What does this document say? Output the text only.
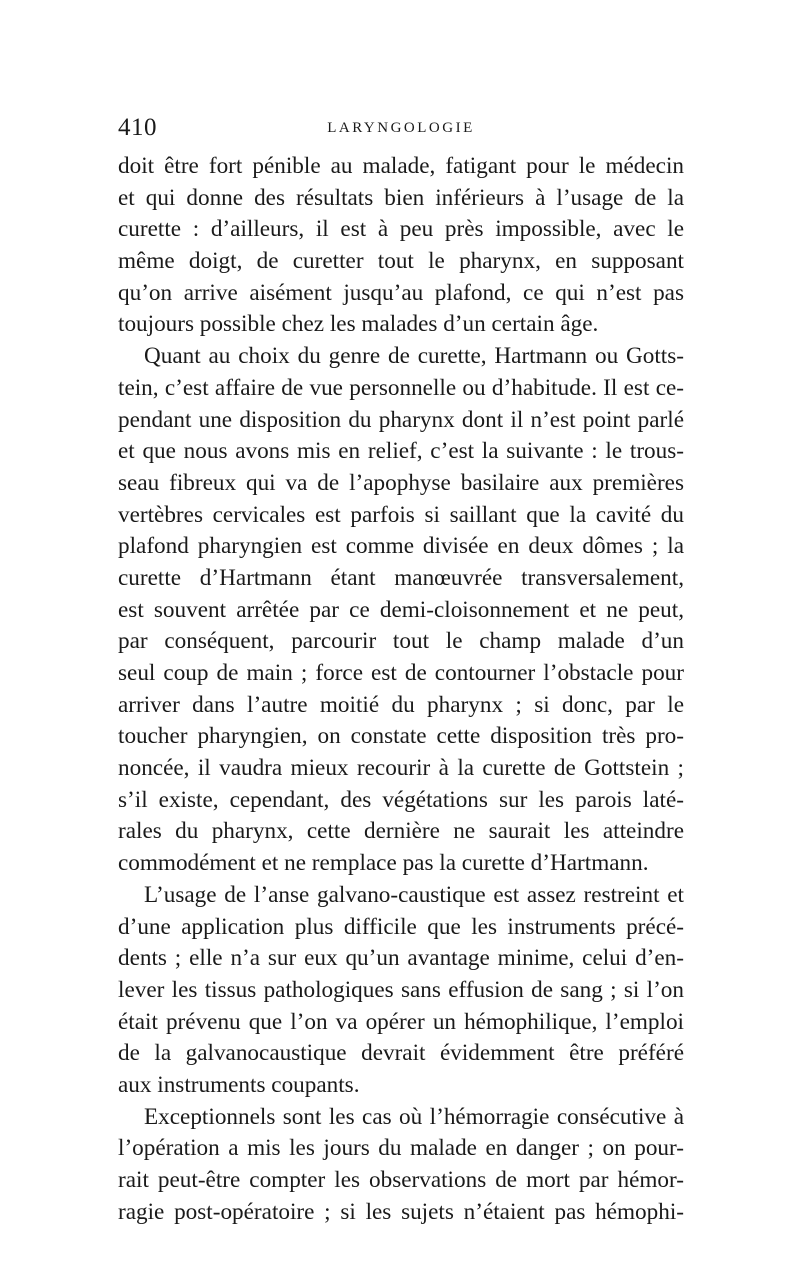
410	LARYNGOLOGIE
doit être fort pénible au malade, fatigant pour le médecin
et qui donne des résultats bien inférieurs à l’usage de la
curette : d’ailleurs, il est à peu près impossible, avec le
même doigt, de curetter tout le pharynx, en supposant
qu’on arrive aisément jusqu’au plafond, ce qui n’est pas
toujours possible chez les malades d’un certain âge.
Quant au choix du genre de curette, Hartmann ou Gotts-
tein, c’est affaire de vue personnelle ou d’habitude. Il est ce-
pendant une disposition du pharynx dont il n’est point parlé
et que nous avons mis en relief, c’est la suivante : le trous-
seau fibreux qui va de l’apophyse basilaire aux premières
vertèbres cervicales est parfois si saillant que la cavité du
plafond pharyngien est comme divisée en deux dômes ; la
curette d’Hartmann étant manœuvrée transversalement,
est souvent arrêtée par ce demi-cloisonnement et ne peut,
par conséquent, parcourir tout le champ malade d’un
seul coup de main ; force est de contourner l’obstacle pour
arriver dans l’autre moitié du pharynx ; si donc, par le
toucher pharyngien, on constate cette disposition très pro-
noncée, il vaudra mieux recourir à la curette de Gottstein ;
s’il existe, cependant, des végétations sur les parois laté-
rales du pharynx, cette dernière ne saurait les atteindre
commodément et ne remplace pas la curette d’Hartmann.
L’usage de l’anse galvano-caustique est assez restreint et
d’une application plus difficile que les instruments précé-
dents ; elle n’a sur eux qu’un avantage minime, celui d’en-
lever les tissus pathologiques sans effusion de sang ; si l’on
était prévenu que l’on va opérer un hémophilique, l’emploi
de la galvanocaustique devrait évidemment être préféré
aux instruments coupants.
Exceptionnels sont les cas où l’hémorragie consécutive à
l’opération a mis les jours du malade en danger ; on pour-
rait peut-être compter les observations de mort par hémor-
ragie post-opératoire ; si les sujets n’étaient pas hémophi-
